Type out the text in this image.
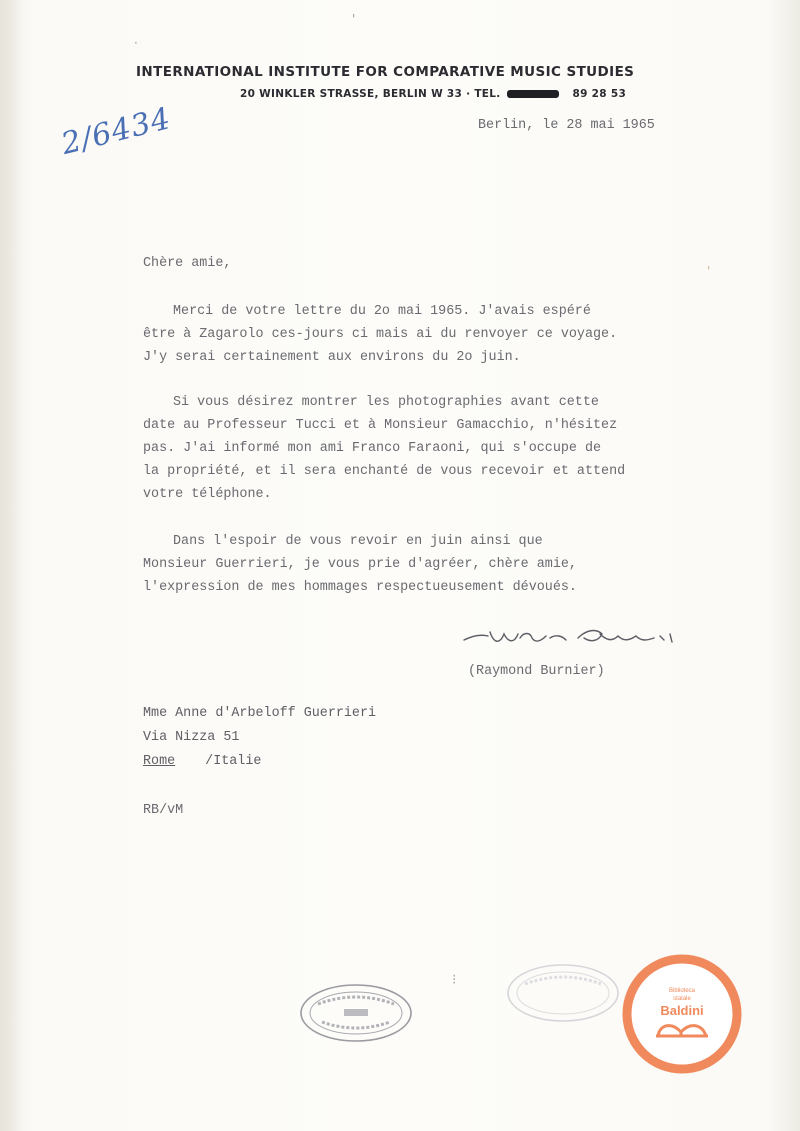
'
·
INTERNATIONAL INSTITUTE FOR COMPARATIVE MUSIC STUDIES
20 WINKLER STRASSE, BERLIN W 33 · TEL.	89 28 53
2/6434	Berlin, le 28 mai 1965
Chère amie,	'
Merci de votre lettre du 2o mai 1965. J'avais espéré
être à Zagarolo ces-jours ci mais ai du renvoyer ce voyage.
J'y serai certainement aux environs du 2o juin.
Si vous désirez montrer les photographies avant cette
date au Professeur Tucci et à Monsieur Gamacchio, n'hésitez
pas. J'ai informé mon ami Franco Faraoni, qui s'occupe de
la propriété, et il sera enchanté de vous recevoir et attend
votre téléphone.
Dans l'espoir de vous revoir en juin ainsi que
Monsieur Guerrieri, je vous prie d'agréer, chère amie,
l'expression de mes hommages respectueusement dévoués.
(Raymond Burnier)
Mme Anne d'Arbeloff Guerrieri
Via Nizza 51
Rome /Italie
RB/vM
⁝
Biblioteca
statale
Baldini
